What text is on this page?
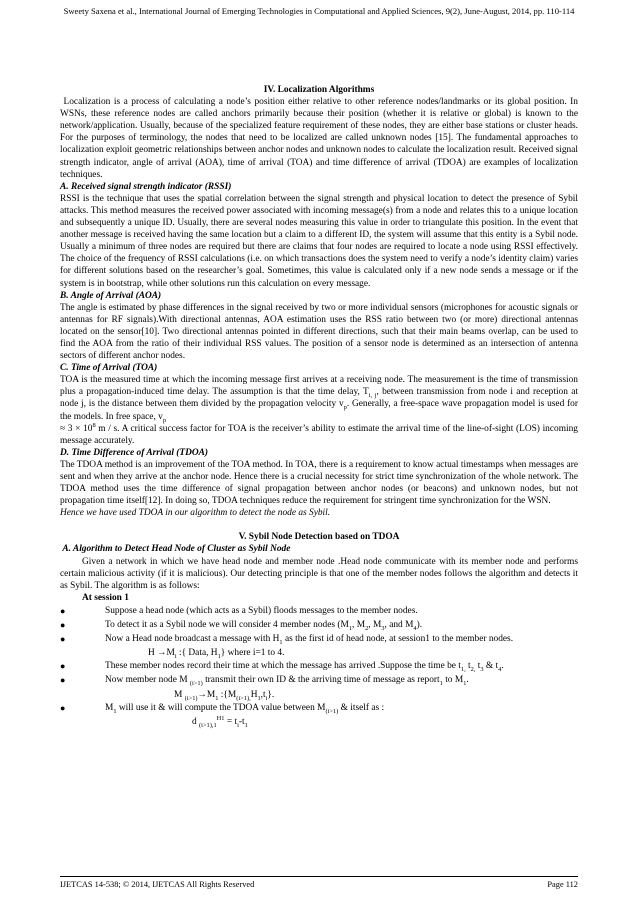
Sweety Saxena et al., International Journal of Emerging Technologies in Computational and Applied Sciences, 9(2), June-August, 2014, pp. 110-114

IV. Localization Algorithms

Localization is a process of calculating a node’s position either relative to other reference nodes/landmarks or its global position. In WSNs, these reference nodes are called anchors primarily because their position (whether it is relative or global) is known to the network/application. Usually, because of the specialized feature requirement of these nodes, they are either base stations or cluster heads. For the purposes of terminology, the nodes that need to be localized are called unknown nodes [15]. The fundamental approaches to localization exploit geometric relationships between anchor nodes and unknown nodes to calculate the localization result. Received signal strength indicator, angle of arrival (AOA), time of arrival (TOA) and time difference of arrival (TDOA) are examples of localization techniques.

A. Received signal strength indicator (RSSI)

RSSI is the technique that uses the spatial correlation between the signal strength and physical location to detect the presence of Sybil attacks. This method measures the received power associated with incoming message(s) from a node and relates this to a unique location and subsequently a unique ID. Usually, there are several nodes measuring this value in order to triangulate this position. In the event that another message is received having the same location but a claim to a different ID, the system will assume that this entity is a Sybil node. Usually a minimum of three nodes are required but there are claims that four nodes are required to locate a node using RSSI effectively. The choice of the frequency of RSSI calculations (i.e. on which transactions does the system need to verify a node’s identity claim) varies for different solutions based on the researcher’s goal. Sometimes, this value is calculated only if a new node sends a message or if the system is in bootstrap, while other solutions run this calculation on every message.

B. Angle of Arrival (AOA)

The angle is estimated by phase differences in the signal received by two or more individual sensors (microphones for acoustic signals or antennas for RF signals).With directional antennas, AOA estimation uses the RSS ratio between two (or more) directional antennas located on the sensor[10]. Two directional antennas pointed in different directions, such that their main beams overlap, can be used to find the AOA from the ratio of their individual RSS values. The position of a sensor node is determined as an intersection of antenna sectors of different anchor nodes.

C. Time of Arrival (TOA)

TOA is the measured time at which the incoming message first arrives at a receiving node. The measurement is the time of transmission plus a propagation-induced time delay. The assumption is that the time delay, $T_{i, j}$, between transmission from node i and reception at node j, is the distance between them divided by the propagation velocity $v_p$. Generally, a free-space wave propagation model is used for the models. In free space, $v_p$
≈ $3 \times 10^8$ m / s. A critical success factor for TOA is the receiver’s ability to estimate the arrival time of the line-of-sight (LOS) incoming message accurately.

D. Time Difference of Arrival (TDOA)

The TDOA method is an improvement of the TOA method. In TOA, there is a requirement to know actual timestamps when messages are sent and when they arrive at the anchor node. Hence there is a crucial necessity for strict time synchronization of the whole network. The TDOA method uses the time difference of signal propagation between anchor nodes (or beacons) and unknown nodes, but not propagation time itself[12]. In doing so, TDOA techniques reduce the requirement for stringent time synchronization for the WSN.

Hence we have used TDOA in our algorithm to detect the node as Sybil.

V. Sybil Node Detection based on TDOA

A. Algorithm to Detect Head Node of Cluster as Sybil Node

Given a network in which we have head node and member node .Head node communicate with its member node and performs certain malicious activity (if it is malicious). Our detecting principle is that one of the member nodes follows the algorithm and detects it as Sybil. The algorithm is as follows:

At session 1

●	Suppose a head node (which acts as a Sybil) floods messages to the member nodes.
●	To detect it as a Sybil node we will consider 4 member nodes ($M_1$, $M_2$, $M_3$, and $M_4$).
●	Now a Head node broadcast a message with $H_1$ as the first id of head node, at session1 to the member nodes.

$H \to M_i$ :{ Data, $H_1$} where i=1 to 4.

●	These member nodes record their time at which the message has arrived .Suppose the time be $t_{1,}$ $t_{2,}$ $t_3$ & $t_4$.
●	Now member node M $_{(i>1)}$ transmit their own ID & the arriving time of message as report$_1$ to $M_1$.

M $_{(i>1)}\to M_1$ $:\{M_{(i>1),}H_1,t_i\}$.

●	$M_1$ will use it & will compute the TDOA value between $M_{(i>1)}$ & itself as :

d $_{(i>1),1}^{H1} = t_i-t_1$

IJETCAS 14-538; © 2014, IJETCAS All Rights Reserved	Page 112
